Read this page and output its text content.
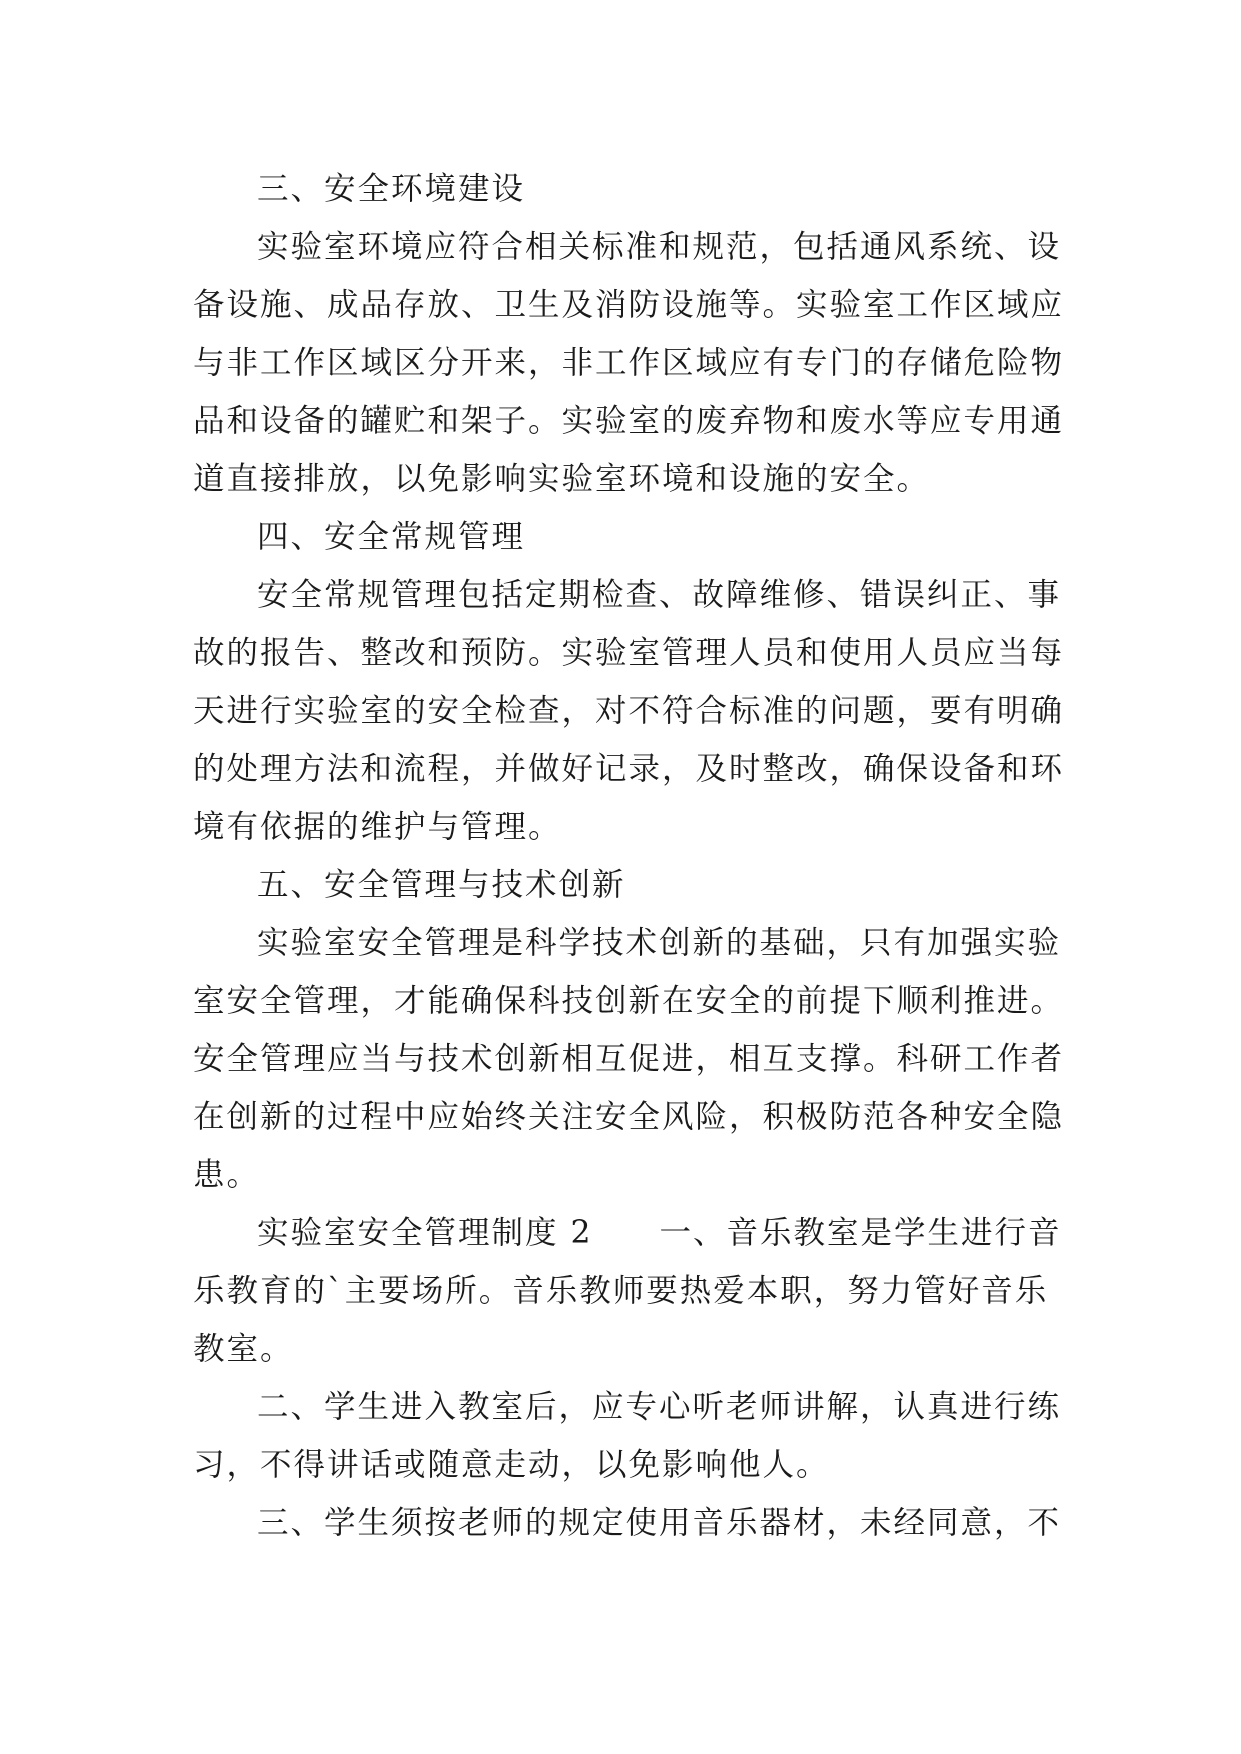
三、安全环境建设
实验室环境应符合相关标准和规范，包括通风系统、设
备设施、成品存放、卫生及消防设施等。实验室工作区域应
与非工作区域区分开来，非工作区域应有专门的存储危险物
品和设备的罐贮和架子。实验室的废弃物和废水等应专用通
道直接排放，以免影响实验室环境和设施的安全。
四、安全常规管理
安全常规管理包括定期检查、故障维修、错误纠正、事
故的报告、整改和预防。实验室管理人员和使用人员应当每
天进行实验室的安全检查，对不符合标准的问题，要有明确
的处理方法和流程，并做好记录，及时整改，确保设备和环
境有依据的维护与管理。
五、安全管理与技术创新
实验室安全管理是科学技术创新的基础，只有加强实验
室安全管理，才能确保科技创新在安全的前提下顺利推进。
安全管理应当与技术创新相互促进，相互支撑。科研工作者
在创新的过程中应始终关注安全风险，积极防范各种安全隐
患。
实验室安全管理制度 2　　一、音乐教室是学生进行音
乐教育的`主要场所。音乐教师要热爱本职，努力管好音乐
教室。
二、学生进入教室后，应专心听老师讲解，认真进行练
习，不得讲话或随意走动，以免影响他人。
三、学生须按老师的规定使用音乐器材，未经同意，不
